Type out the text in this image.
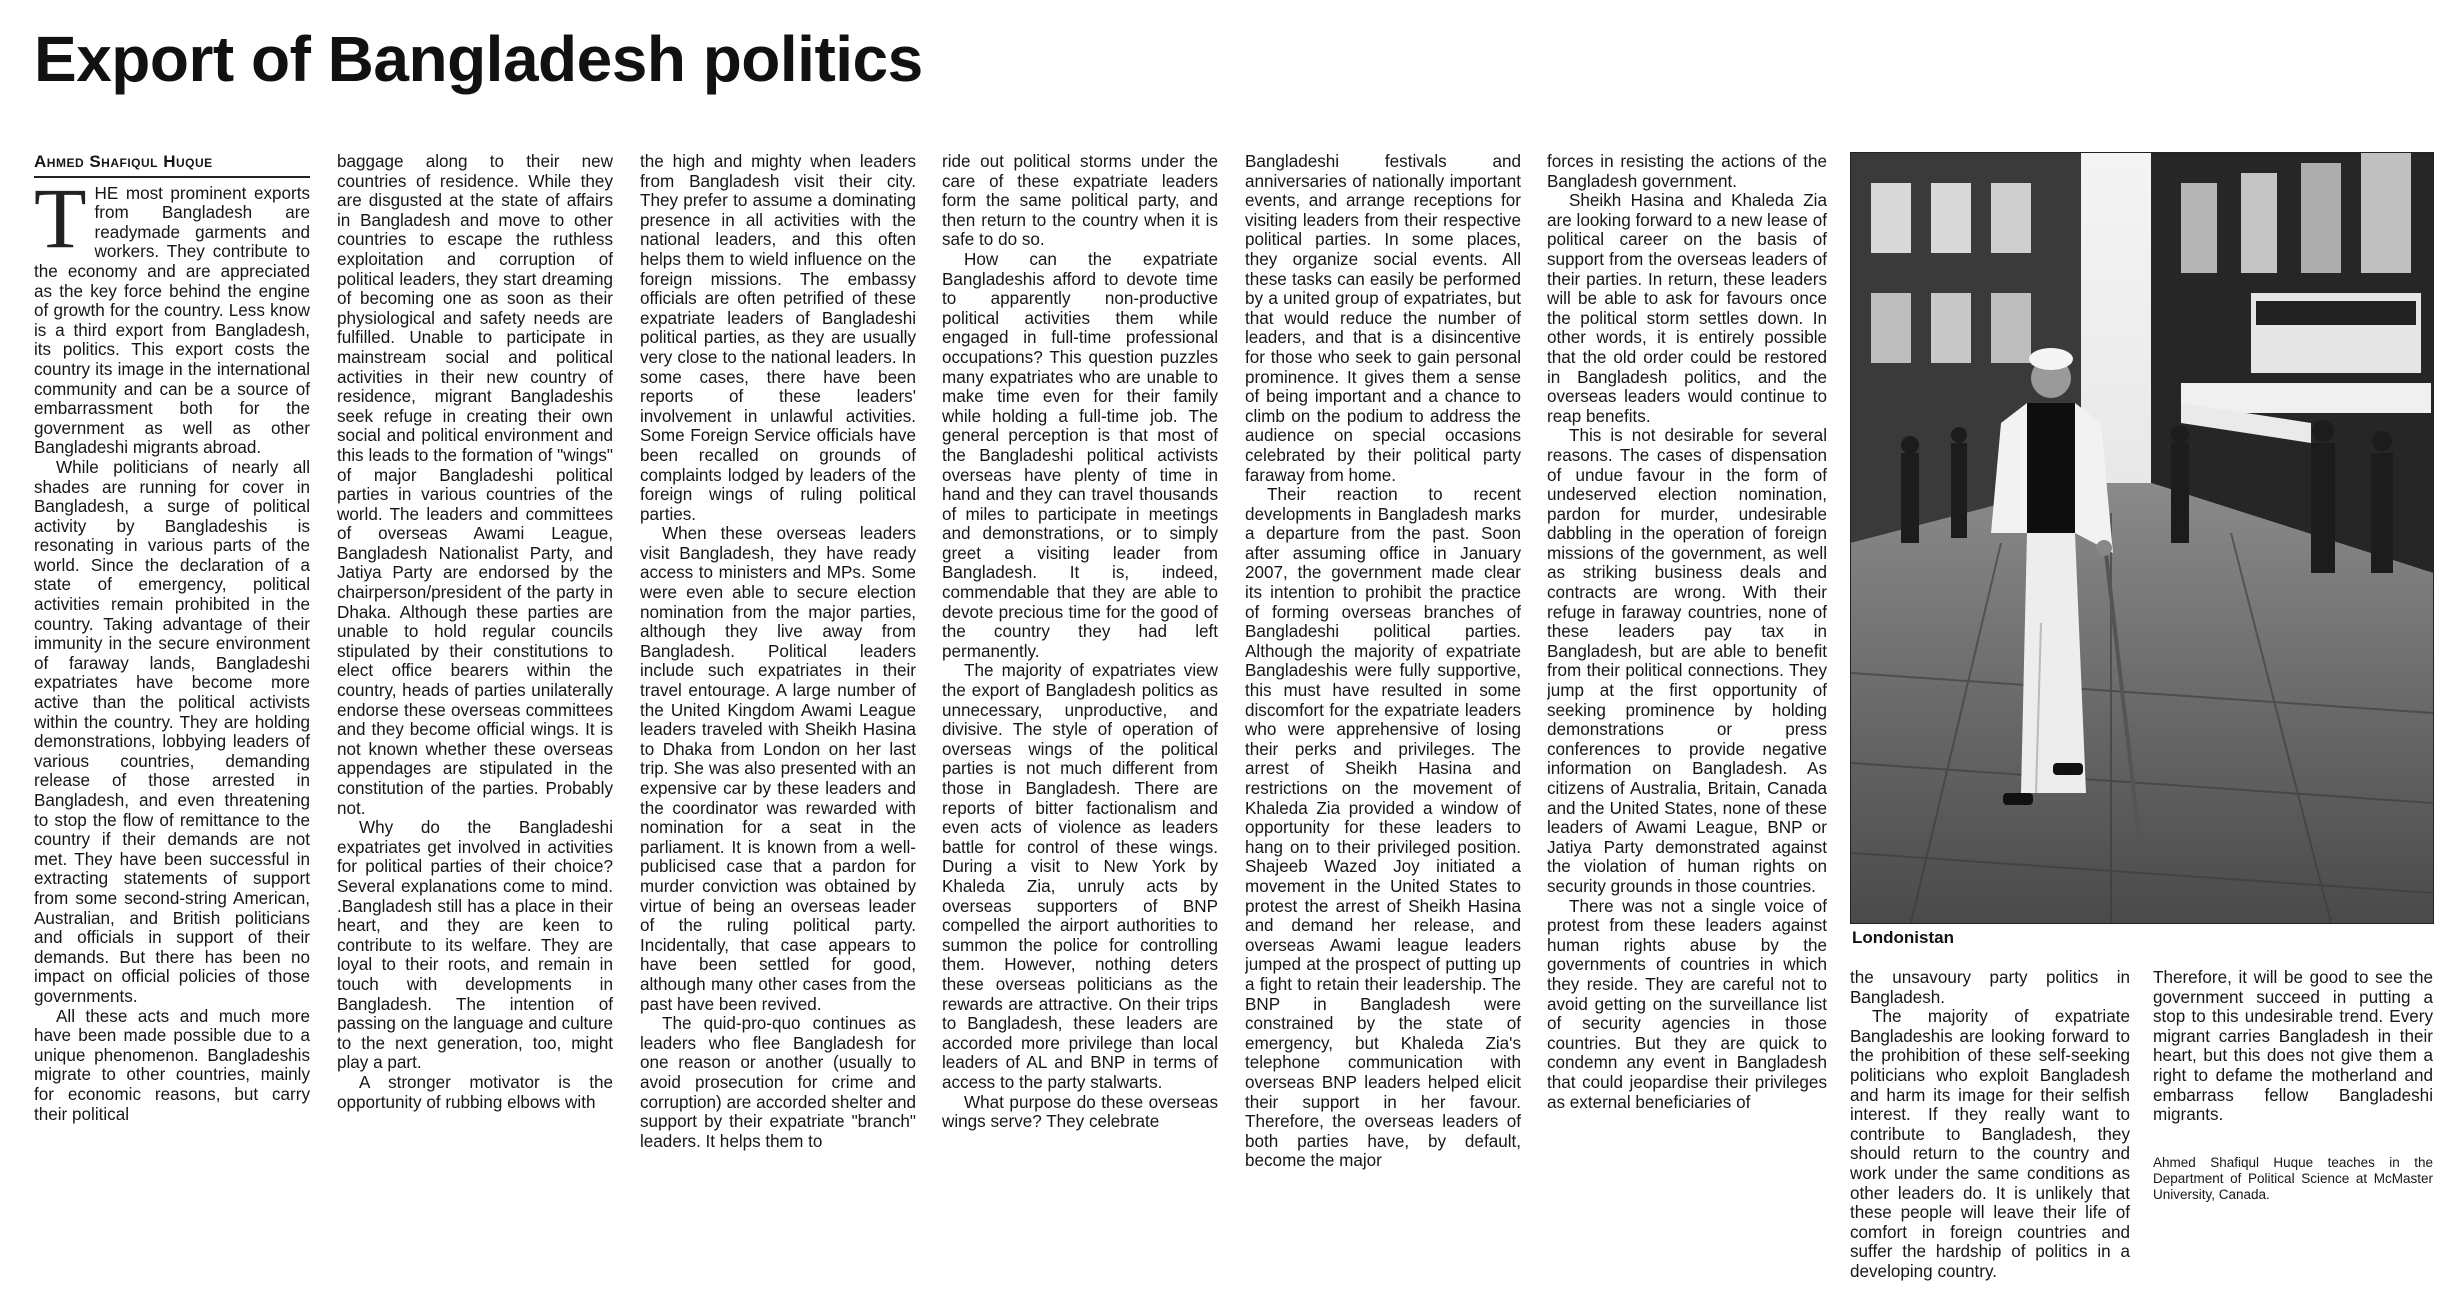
Export of Bangladesh politics
Ahmed Shafiqul Huque

THE most prominent exports from Bangladesh are readymade garments and workers. They contribute to the economy and are appreciated as the key force behind the engine of growth for the country. Less know is a third export from Bangladesh, its politics. This export costs the country its image in the international community and can be a source of embarrassment both for the government as well as other Bangladeshi migrants abroad.

While politicians of nearly all shades are running for cover in Bangladesh, a surge of political activity by Bangladeshis is resonating in various parts of the world. Since the declaration of a state of emergency, political activities remain prohibited in the country. Taking advantage of their immunity in the secure environment of faraway lands, Bangladeshi expatriates have become more active than the political activists within the country. They are holding demonstrations, lobbying leaders of various countries, demanding release of those arrested in Bangladesh, and even threatening to stop the flow of remittance to the country if their demands are not met. They have been successful in extracting statements of support from some second-string American, Australian, and British politicians and officials in support of their demands. But there has been no impact on official policies of those governments.

All these acts and much more have been made possible due to a unique phenomenon. Bangladeshis migrate to other countries, mainly for economic reasons, but carry their political

baggage along to their new countries of residence. While they are disgusted at the state of affairs in Bangladesh and move to other countries to escape the ruthless exploitation and corruption of political leaders, they start dreaming of becoming one as soon as their physiological and safety needs are fulfilled. Unable to participate in mainstream social and political activities in their new country of residence, migrant Bangladeshis seek refuge in creating their own social and political environment and this leads to the formation of "wings" of major Bangladeshi political parties in various countries of the world. The leaders and committees of overseas Awami League, Bangladesh Nationalist Party, and Jatiya Party are endorsed by the chairperson/president of the party in Dhaka. Although these parties are unable to hold regular councils stipulated by their constitutions to elect office bearers within the country, heads of parties unilaterally endorse these overseas committees and they become official wings. It is not known whether these overseas appendages are stipulated in the constitution of the parties. Probably not.

Why do the Bangladeshi expatriates get involved in activities for political parties of their choice? Several explanations come to mind. .Bangladesh still has a place in their heart, and they are keen to contribute to its welfare. They are loyal to their roots, and remain in touch with developments in Bangladesh. The intention of passing on the language and culture to the next generation, too, might play a part.

A stronger motivator is the opportunity of rubbing elbows with

the high and mighty when leaders from Bangladesh visit their city. They prefer to assume a dominating presence in all activities with the national leaders, and this often helps them to wield influence on the foreign missions. The embassy officials are often petrified of these expatriate leaders of Bangladeshi political parties, as they are usually very close to the national leaders. In some cases, there have been reports of these leaders' involvement in unlawful activities. Some Foreign Service officials have been recalled on grounds of complaints lodged by leaders of the foreign wings of ruling political parties.

When these overseas leaders visit Bangladesh, they have ready access to ministers and MPs. Some were even able to secure election nomination from the major parties, although they live away from Bangladesh. Political leaders include such expatriates in their travel entourage. A large number of the United Kingdom Awami League leaders traveled with Sheikh Hasina to Dhaka from London on her last trip. She was also presented with an expensive car by these leaders and the coordinator was rewarded with nomination for a seat in the parliament. It is known from a well-publicised case that a pardon for murder conviction was obtained by virtue of being an overseas leader of the ruling political party. Incidentally, that case appears to have been settled for good, although many other cases from the past have been revived.

The quid-pro-quo continues as leaders who flee Bangladesh for one reason or another (usually to avoid prosecution for crime and corruption) are accorded shelter and support by their expatriate "branch" leaders. It helps them to

ride out political storms under the care of these expatriate leaders form the same political party, and then return to the country when it is safe to do so.

How can the expatriate Bangladeshis afford to devote time to apparently non-productive political activities them while engaged in full-time professional occupations? This question puzzles many expatriates who are unable to make time even for their family while holding a full-time job. The general perception is that most of the Bangladeshi political activists overseas have plenty of time in hand and they can travel thousands of miles to participate in meetings and demonstrations, or to simply greet a visiting leader from Bangladesh. It is, indeed, commendable that they are able to devote precious time for the good of the country they had left permanently.

The majority of expatriates view the export of Bangladesh politics as unnecessary, unproductive, and divisive. The style of operation of overseas wings of the political parties is not much different from those in Bangladesh. There are reports of bitter factionalism and even acts of violence as leaders battle for control of these wings. During a visit to New York by Khaleda Zia, unruly acts by overseas supporters of BNP compelled the airport authorities to summon the police for controlling them. However, nothing deters these overseas politicians as the rewards are attractive. On their trips to Bangladesh, these leaders are accorded more privilege than local leaders of AL and BNP in terms of access to the party stalwarts.

What purpose do these overseas wings serve? They celebrate

Bangladeshi festivals and anniversaries of nationally important events, and arrange receptions for visiting leaders from their respective political parties. In some places, they organize social events. All these tasks can easily be performed by a united group of expatriates, but that would reduce the number of leaders, and that is a disincentive for those who seek to gain personal prominence. It gives them a sense of being important and a chance to climb on the podium to address the audience on special occasions celebrated by their political party faraway from home.

Their reaction to recent developments in Bangladesh marks a departure from the past. Soon after assuming office in January 2007, the government made clear its intention to prohibit the practice of forming overseas branches of Bangladeshi political parties. Although the majority of expatriate Bangladeshis were fully supportive, this must have resulted in some discomfort for the expatriate leaders who were apprehensive of losing their perks and privileges. The arrest of Sheikh Hasina and restrictions on the movement of Khaleda Zia provided a window of opportunity for these leaders to hang on to their privileged position. Shajeeb Wazed Joy initiated a movement in the United States to protest the arrest of Sheikh Hasina and demand her release, and overseas Awami league leaders jumped at the prospect of putting up a fight to retain their leadership. The BNP in Bangladesh were constrained by the state of emergency, but Khaleda Zia's telephone communication with overseas BNP leaders helped elicit their support in her favour. Therefore, the overseas leaders of both parties have, by default, become the major

forces in resisting the actions of the Bangladesh government.

Sheikh Hasina and Khaleda Zia are looking forward to a new lease of political career on the basis of support from the overseas leaders of their parties. In return, these leaders will be able to ask for favours once the political storm settles down. In other words, it is entirely possible that the old order could be restored in Bangladesh politics, and the overseas leaders would continue to reap benefits.

This is not desirable for several reasons. The cases of dispensation of undue favour in the form of undeserved election nomination, pardon for murder, undesirable dabbling in the operation of foreign missions of the government, as well as striking business deals and contracts are wrong. With their refuge in faraway countries, none of these leaders pay tax in Bangladesh, but are able to benefit from their political connections. They jump at the first opportunity of seeking prominence by holding demonstrations or press conferences to provide negative information on Bangladesh. As citizens of Australia, Britain, Canada and the United States, none of these leaders of Awami League, BNP or Jatiya Party demonstrated against the violation of human rights on security grounds in those countries.

There was not a single voice of protest from these leaders against human rights abuse by the governments of countries in which they reside. They are careful not to avoid getting on the surveillance list of security agencies in those countries. But they are quick to condemn any event in Bangladesh that could jeopardise their privileges as external beneficiaries of

Londonistan

the unsavoury party politics in Bangladesh.

The majority of expatriate Bangladeshis are looking forward to the prohibition of these self-seeking politicians who exploit Bangladesh and harm its image for their selfish interest. If they really want to contribute to Bangladesh, they should return to the country and work under the same conditions as other leaders do. It is unlikely that these people will leave their life of comfort in foreign countries and suffer the hardship of politics in a developing country.

Therefore, it will be good to see the government succeed in putting a stop to this undesirable trend. Every migrant carries Bangladesh in their heart, but this does not give them a right to defame the motherland and embarrass fellow Bangladeshi migrants.

Ahmed Shafiqul Huque teaches in the Department of Political Science at McMaster University, Canada.
